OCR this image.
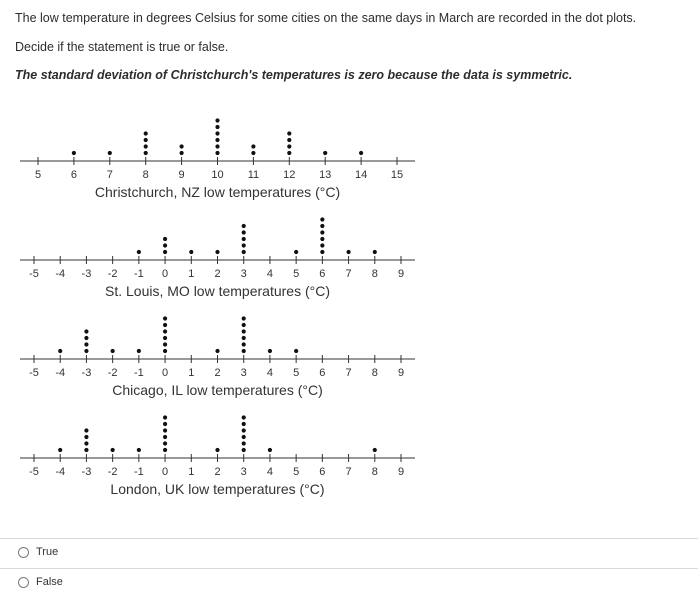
The low temperature in degrees Celsius for some cities on the same days in March are recorded in the dot plots.
Decide if the statement is true or false.
The standard deviation of Christchurch's temperatures is zero because the data is symmetric.
5	6	7	8	9 10 11 12 13 14 15
Christchurch, NZ low temperatures (°C)
-5 -4 -3 -2 -1 0 1 2 3 4 5 6 7 8 9
St. Louis, MO low temperatures (°C)
-5 -4 -3 -2 -1 0 1 2 3 4 5 6 7 8 9
Chicago, IL low temperatures (°C)
-5 -4 -3 -2 -1 0 1 2 3 4 5 6 7 8 9
London, UK low temperatures (°C)
True
False
